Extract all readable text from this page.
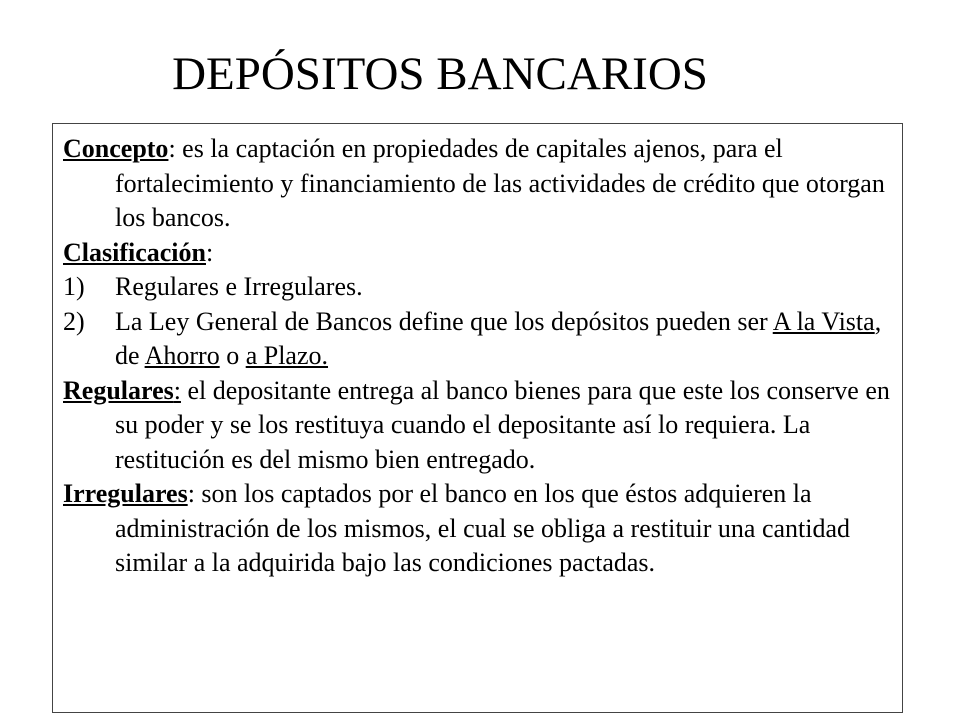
DEPÓSITOS BANCARIOS

Concepto: es la captación en propiedades de capitales ajenos, para el fortalecimiento y financiamiento de las actividades de crédito que otorgan los bancos.

Clasificación:

1) Regulares e Irregulares.

2) La Ley General de Bancos define que los depósitos pueden ser A la Vista, de Ahorro o a Plazo.

Regulares: el depositante entrega al banco bienes para que este los conserve en su poder y se los restituya cuando el depositante así lo requiera. La restitución es del mismo bien entregado.

Irregulares: son los captados por el banco en los que éstos adquieren la administración de los mismos, el cual se obliga a restituir una cantidad similar a la adquirida bajo las condiciones pactadas.
